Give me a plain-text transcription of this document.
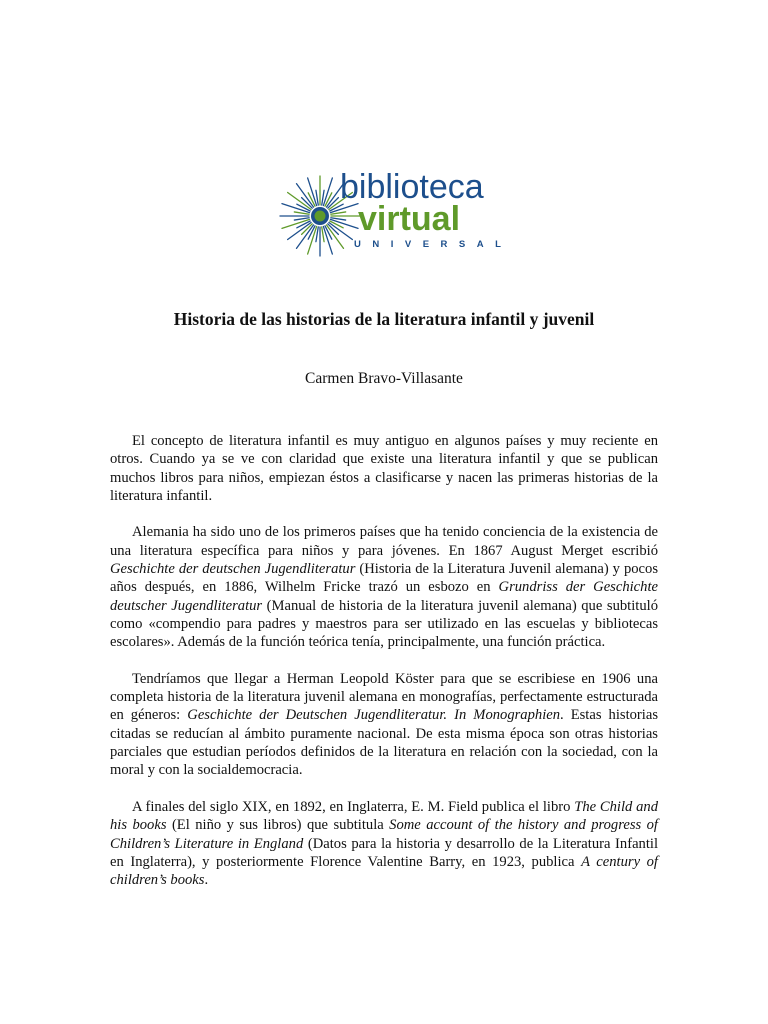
biblioteca
virtual
UNIVERSAL
Historia de las historias de la literatura infantil y juvenil

Carmen Bravo-Villasante

El concepto de literatura infantil es muy antiguo en algunos países y muy reciente en otros. Cuando ya se ve con claridad que existe una literatura infantil y que se publican muchos libros para niños, empiezan éstos a clasificarse y nacen las primeras historias de la literatura infantil.

Alemania ha sido uno de los primeros países que ha tenido conciencia de la existencia de una literatura específica para niños y para jóvenes. En 1867 August Merget escribió Geschichte der deutschen Jugendliteratur (Historia de la Literatura Juvenil alemana) y pocos años después, en 1886, Wilhelm Fricke trazó un esbozo en Grundriss der Geschichte deutscher Jugendliteratur (Manual de historia de la literatura juvenil alemana) que subtituló como «compendio para padres y maestros para ser utilizado en las escuelas y bibliotecas escolares». Además de la función teórica tenía, principalmente, una función práctica.

Tendríamos que llegar a Herman Leopold Köster para que se escribiese en 1906 una completa historia de la literatura juvenil alemana en monografías, perfectamente estructurada en géneros: Geschichte der Deutschen Jugendliteratur. In Monographien. Estas historias citadas se reducían al ámbito puramente nacional. De esta misma época son otras historias parciales que estudian períodos definidos de la literatura en relación con la sociedad, con la moral y con la socialdemocracia.

A finales del siglo XIX, en 1892, en Inglaterra, E. M. Field publica el libro The Child and his books (El niño y sus libros) que subtitula Some account of the history and progress of Children’s Literature in England (Datos para la historia y desarrollo de la Literatura Infantil en Inglaterra), y posteriormente Florence Valentine Barry, en 1923, publica A century of children’s books.
